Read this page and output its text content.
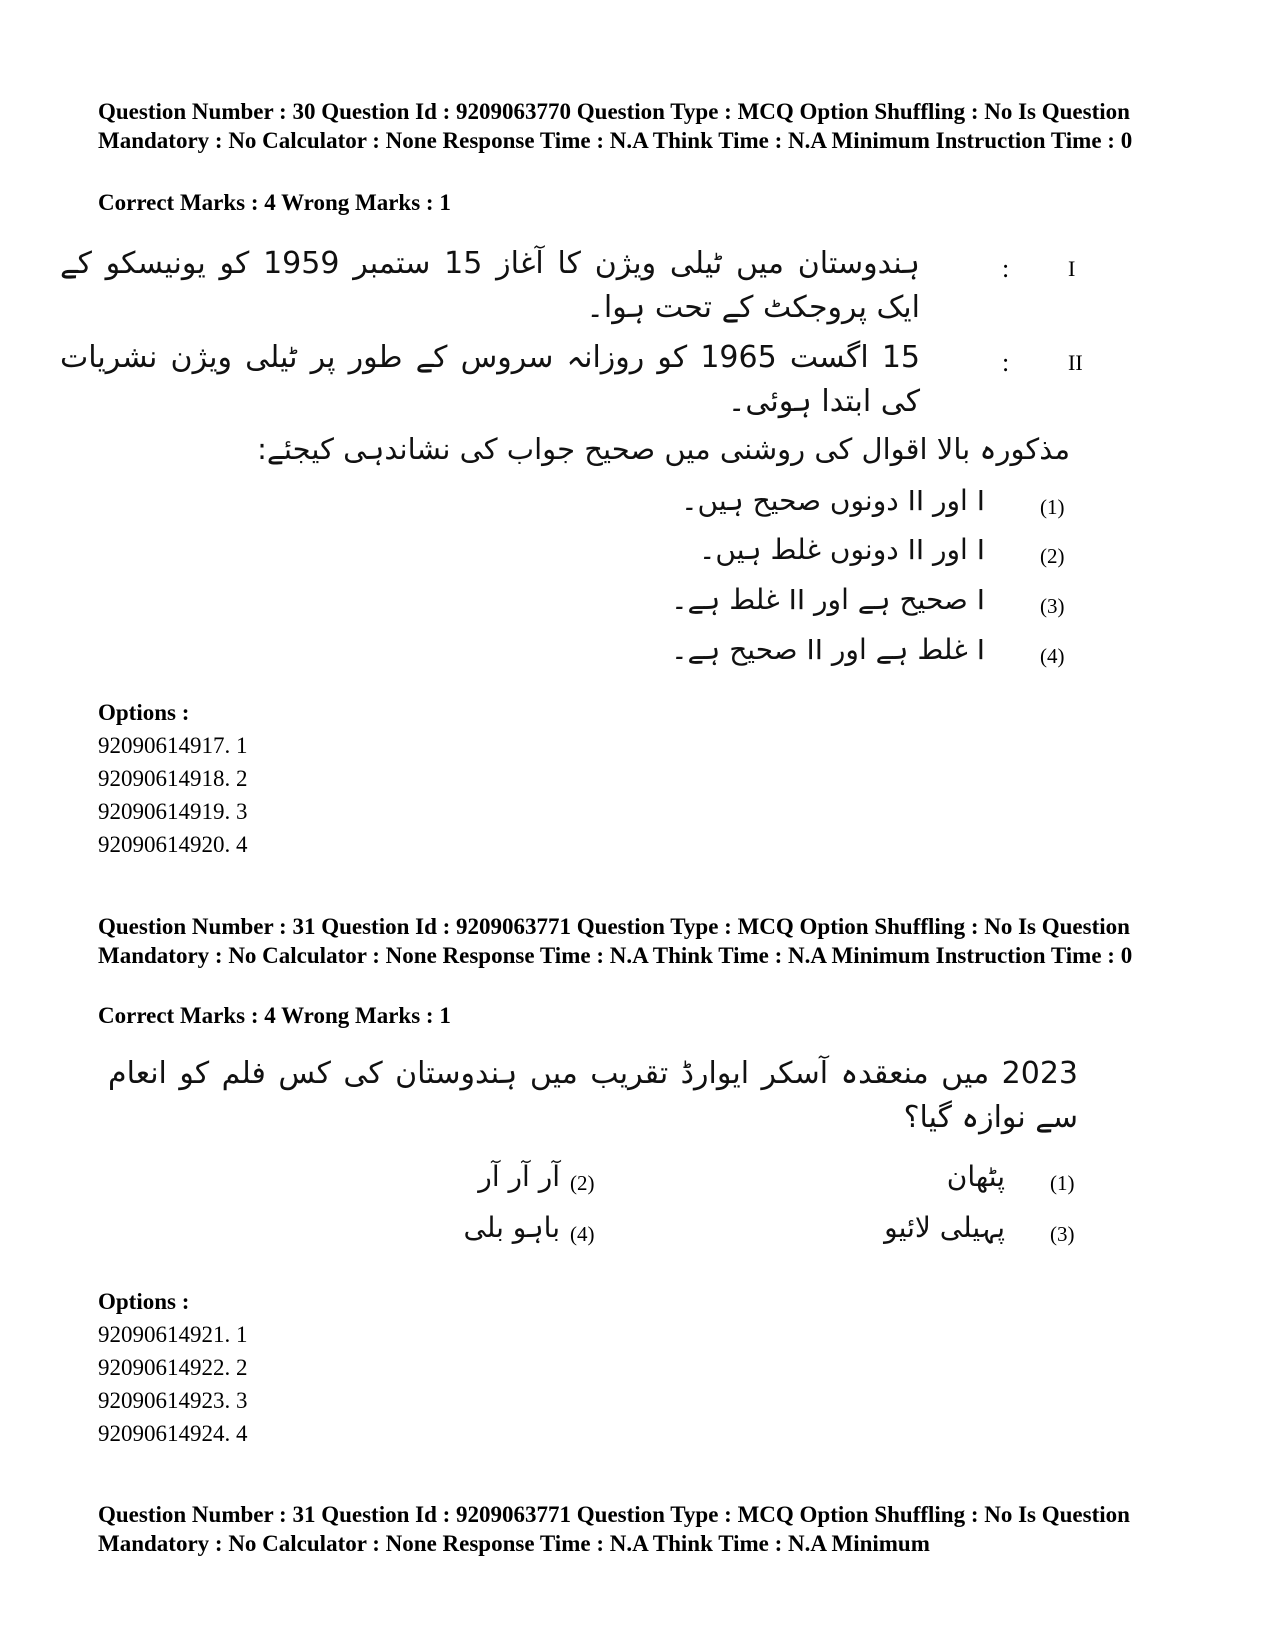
Question Number : 30 Question Id : 9209063770 Question Type : MCQ Option Shuffling : No Is Question Mandatory : No Calculator : None Response Time : N.A Think Time : N.A Minimum Instruction Time : 0
Correct Marks : 4 Wrong Marks : 1
I
:
ہندوستان میں ٹیلی ویژن کا آغاز 15 ستمبر 1959 کو یونیسکو کے ایک پروجکٹ کے تحت ہوا۔
II
:
15 اگست 1965 کو روزانہ سروس کے طور پر ٹیلی ویژن نشریات کی ابتدا ہوئی۔
مذکورہ بالا اقوال کی روشنی میں صحیح جواب کی نشاندہی کیجئے:
(1)
I اور II دونوں صحیح ہیں۔
(2)
I اور II دونوں غلط ہیں۔
(3)
I صحیح ہے اور II غلط ہے۔
(4)
I غلط ہے اور II صحیح ہے۔
Options :
92090614917. 1
92090614918. 2
92090614919. 3
92090614920. 4
Question Number : 31 Question Id : 9209063771 Question Type : MCQ Option Shuffling : No Is Question Mandatory : No Calculator : None Response Time : N.A Think Time : N.A Minimum Instruction Time : 0
Correct Marks : 4 Wrong Marks : 1
2023 میں منعقدہ آسکر ایوارڈ تقریب میں ہندوستان کی کس فلم کو انعام سے نوازہ گیا؟
(1)
پٹھان
(2)
آر آر آر
(3)
پہیلی لائیو
(4)
باہو بلی
Options :
92090614921. 1
92090614922. 2
92090614923. 3
92090614924. 4
Question Number : 31 Question Id : 9209063771 Question Type : MCQ Option Shuffling : No Is Question Mandatory : No Calculator : None Response Time : N.A Think Time : N.A Minimum
